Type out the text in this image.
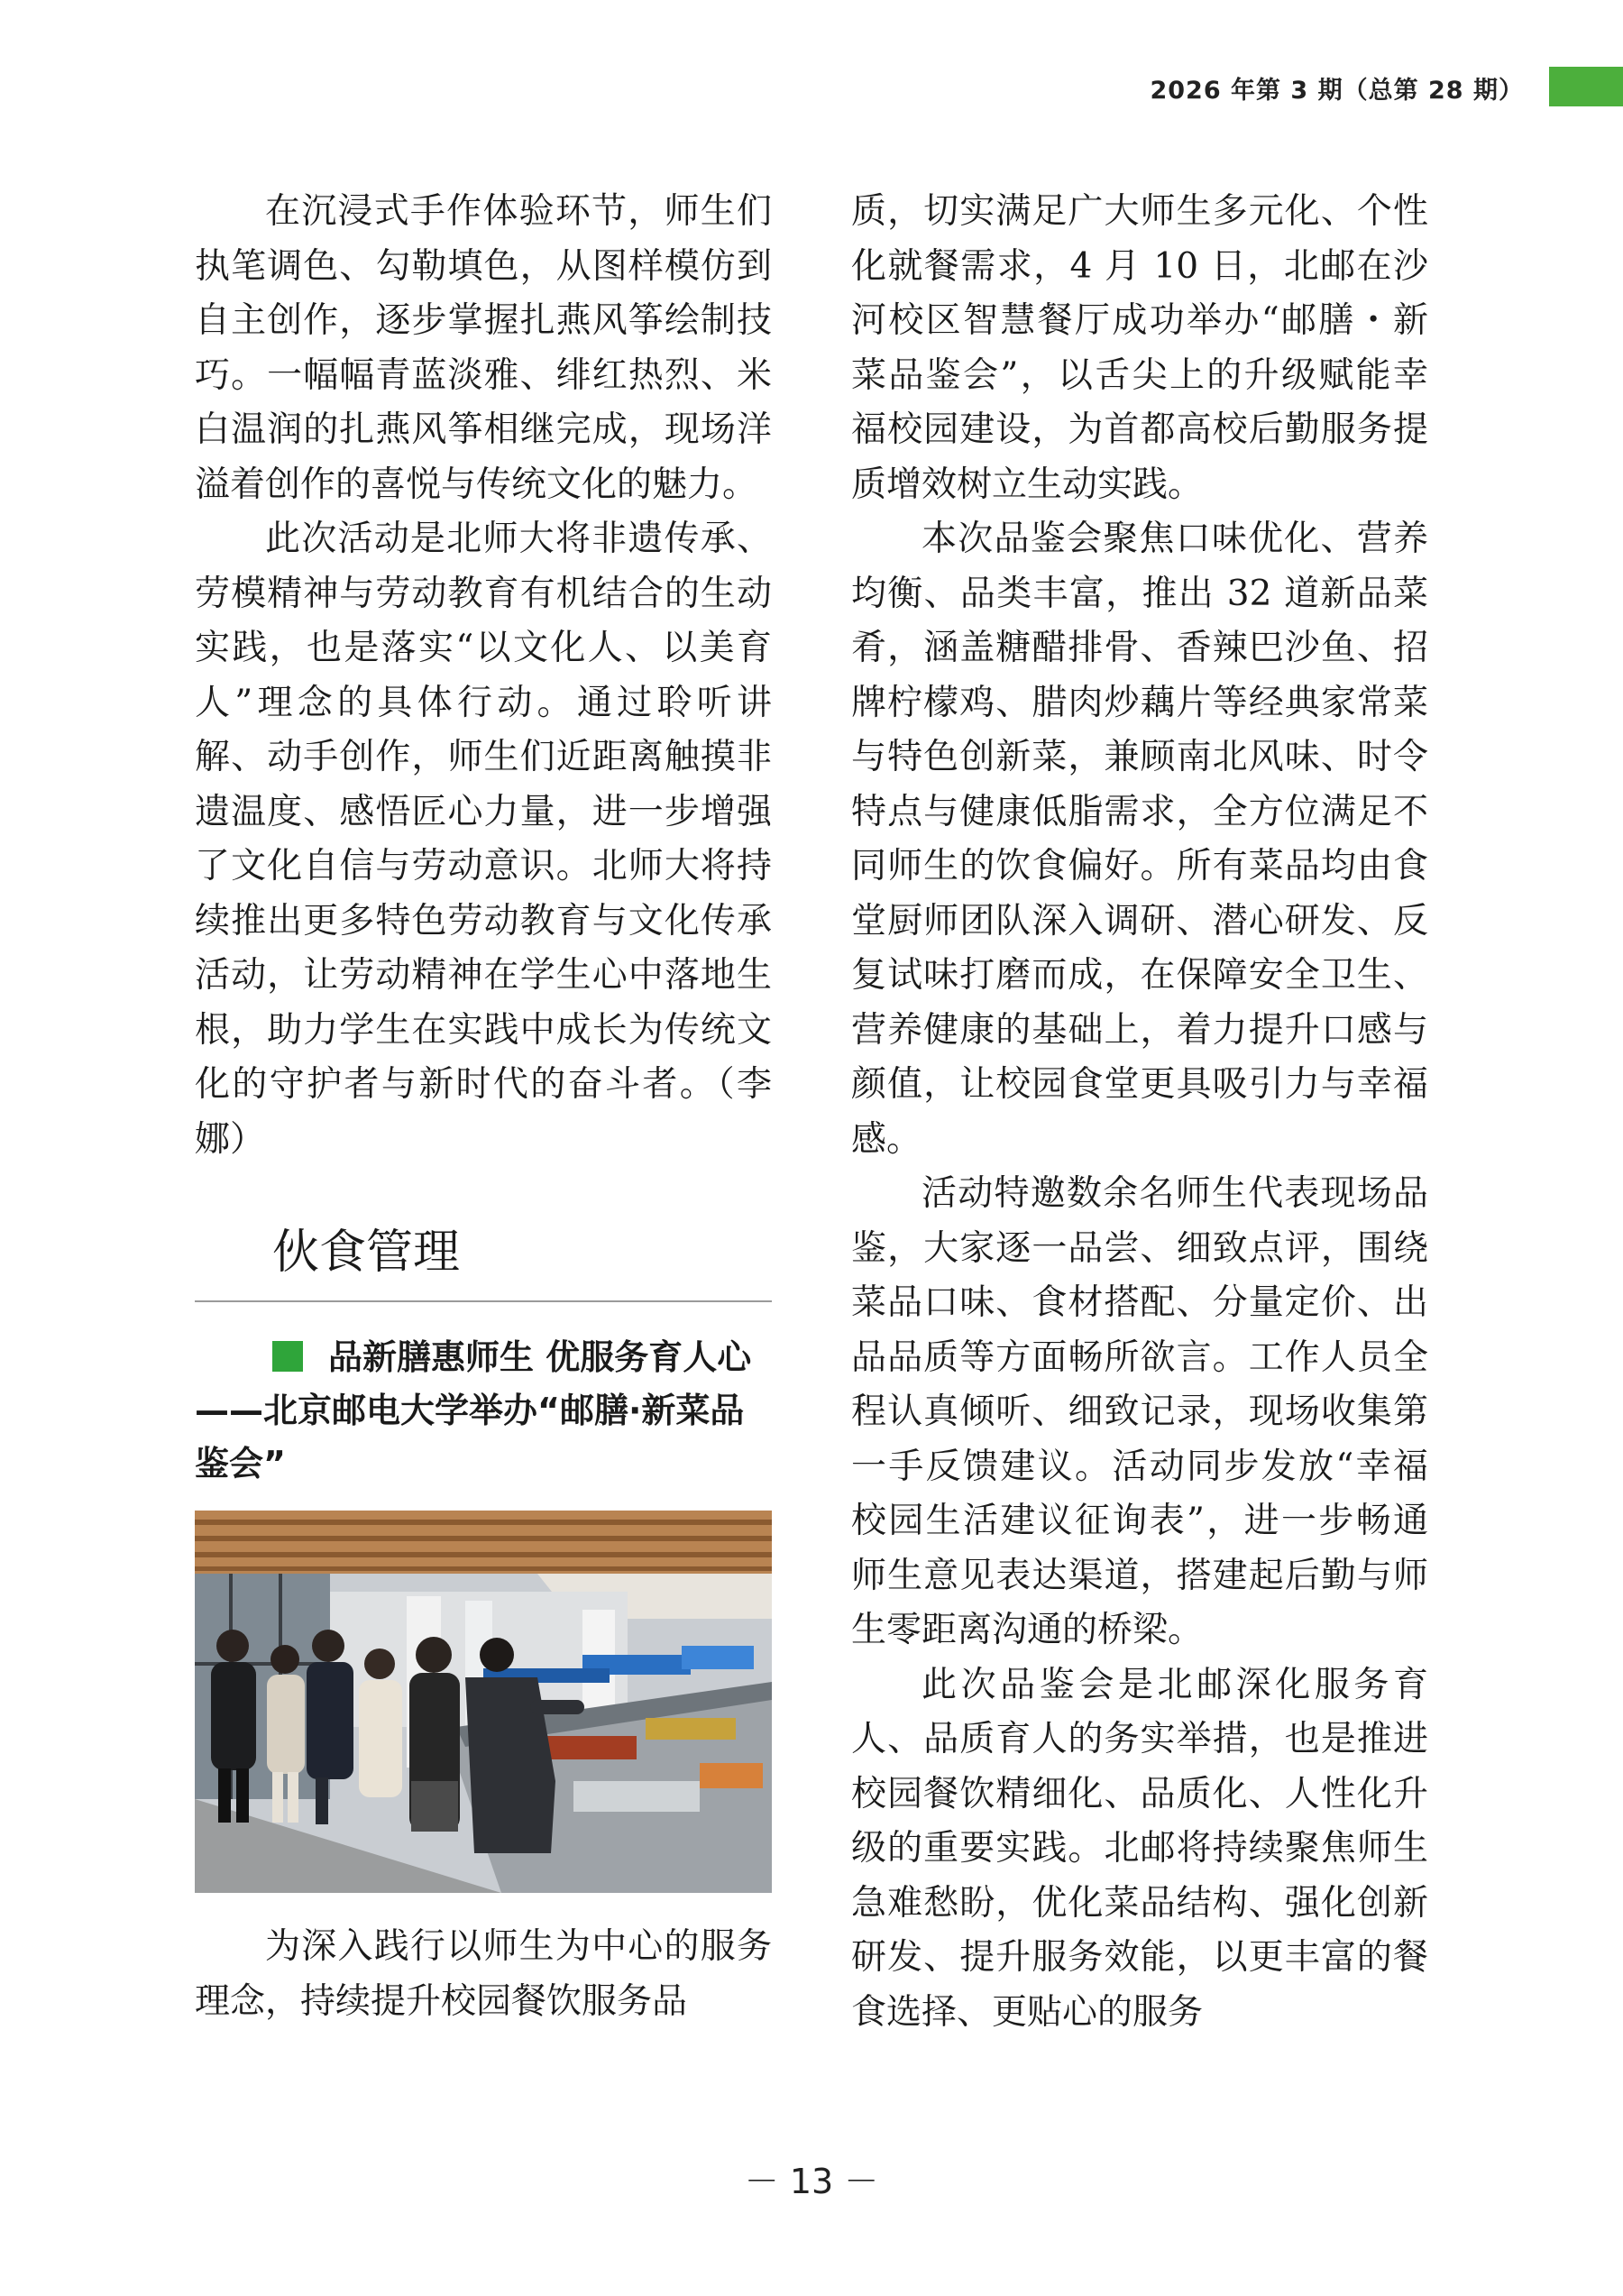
2026 年第 3 期（总第 28 期）

在沉浸式手作体验环节，师生们执笔调色、勾勒填色，从图样模仿到自主创作，逐步掌握扎燕风筝绘制技巧。一幅幅青蓝淡雅、绯红热烈、米白温润的扎燕风筝相继完成，现场洋溢着创作的喜悦与传统文化的魅力。

此次活动是北师大将非遗传承、劳模精神与劳动教育有机结合的生动实践，也是落实“以文化人、以美育人”理念的具体行动。通过聆听讲解、动手创作，师生们近距离触摸非遗温度、感悟匠心力量，进一步增强了文化自信与劳动意识。北师大将持续推出更多特色劳动教育与文化传承活动，让劳动精神在学生心中落地生根，助力学生在实践中成长为传统文化的守护者与新时代的奋斗者。（李娜）

伙食管理
品新膳惠师生 优服务育人心——北京邮电大学举办“邮膳·新菜品鉴会”

为深入践行以师生为中心的服务理念，持续提升校园餐饮服务品

质，切实满足广大师生多元化、个性化就餐需求，4 月 10 日，北邮在沙河校区智慧餐厅成功举办“邮膳・新菜品鉴会”，以舌尖上的升级赋能幸福校园建设，为首都高校后勤服务提质增效树立生动实践。

本次品鉴会聚焦口味优化、营养均衡、品类丰富，推出 32 道新品菜肴，涵盖糖醋排骨、香辣巴沙鱼、招牌柠檬鸡、腊肉炒藕片等经典家常菜与特色创新菜，兼顾南北风味、时令特点与健康低脂需求，全方位满足不同师生的饮食偏好。所有菜品均由食堂厨师团队深入调研、潜心研发、反复试味打磨而成，在保障安全卫生、营养健康的基础上，着力提升口感与颜值，让校园食堂更具吸引力与幸福感。

活动特邀数余名师生代表现场品鉴，大家逐一品尝、细致点评，围绕菜品口味、食材搭配、分量定价、出品品质等方面畅所欲言。工作人员全程认真倾听、细致记录，现场收集第一手反馈建议。活动同步发放“幸福校园生活建议征询表”，进一步畅通师生意见表达渠道，搭建起后勤与师生零距离沟通的桥梁。

此次品鉴会是北邮深化服务育人、品质育人的务实举措，也是推进校园餐饮精细化、品质化、人性化升级的重要实践。北邮将持续聚焦师生急难愁盼，优化菜品结构、强化创新研发、提升服务效能，以更丰富的餐食选择、更贴心的服务

－ 13 －
